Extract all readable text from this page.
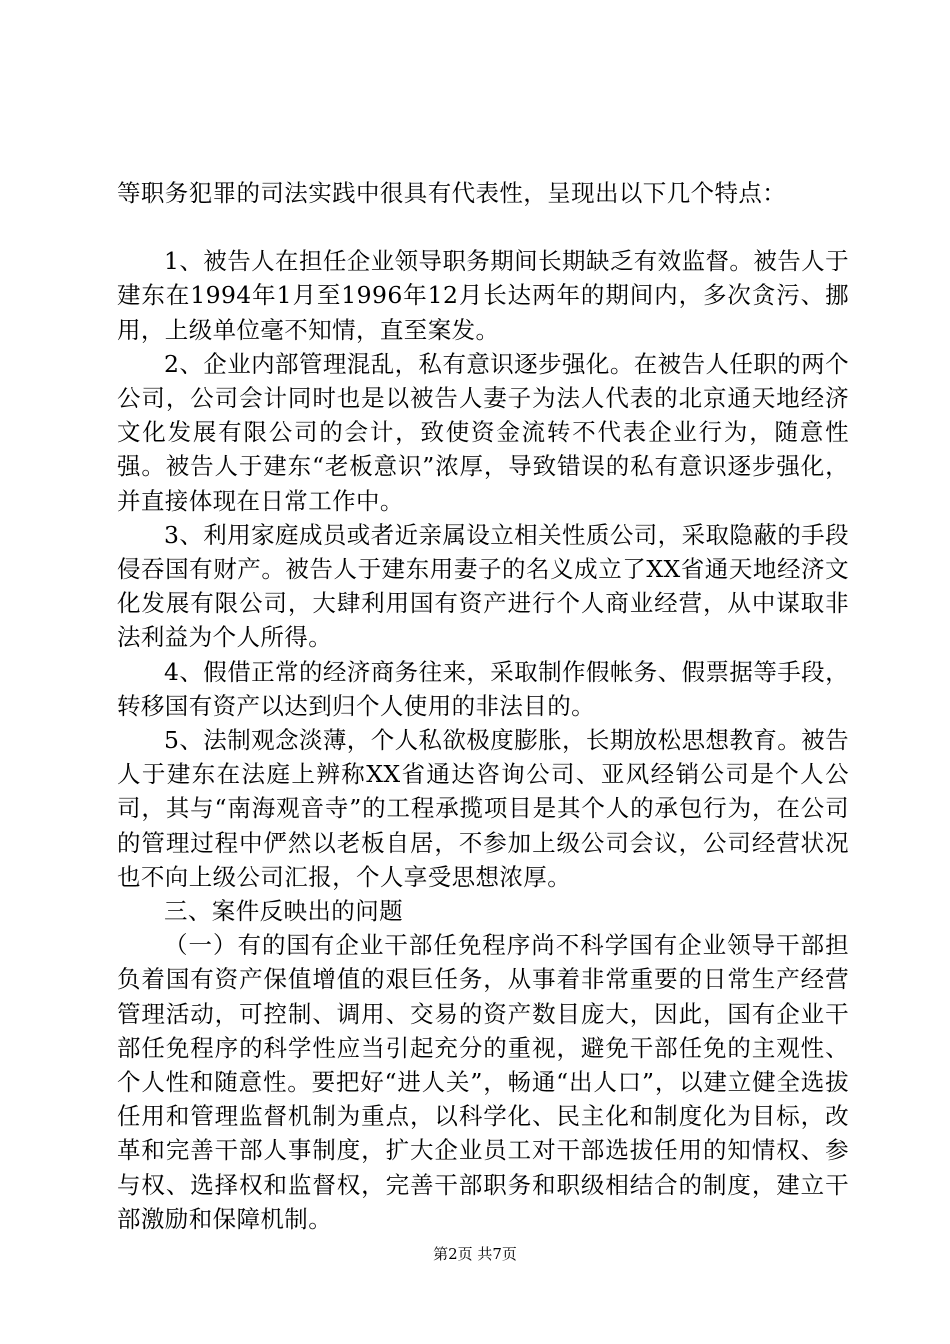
等职务犯罪的司法实践中很具有代表性，呈现出以下几个特点：

1、被告人在担任企业领导职务期间长期缺乏有效监督。被告人于建东在1994年1月至1996年12月长达两年的期间内，多次贪污、挪用，上级单位毫不知情，直至案发。

2、企业内部管理混乱，私有意识逐步强化。在被告人任职的两个公司，公司会计同时也是以被告人妻子为法人代表的北京通天地经济文化发展有限公司的会计，致使资金流转不代表企业行为，随意性强。被告人于建东“老板意识”浓厚，导致错误的私有意识逐步强化，并直接体现在日常工作中。

3、利用家庭成员或者近亲属设立相关性质公司，采取隐蔽的手段侵吞国有财产。被告人于建东用妻子的名义成立了XX省通天地经济文化发展有限公司，大肆利用国有资产进行个人商业经营，从中谋取非法利益为个人所得。

4、假借正常的经济商务往来，采取制作假帐务、假票据等手段，转移国有资产以达到归个人使用的非法目的。

5、法制观念淡薄，个人私欲极度膨胀，长期放松思想教育。被告人于建东在法庭上辨称XX省通达咨询公司、亚风经销公司是个人公司，其与“南海观音寺”的工程承揽项目是其个人的承包行为，在公司的管理过程中俨然以老板自居，不参加上级公司会议，公司经营状况也不向上级公司汇报，个人享受思想浓厚。

三、案件反映出的问题

（一）有的国有企业干部任免程序尚不科学国有企业领导干部担负着国有资产保值增值的艰巨任务，从事着非常重要的日常生产经营管理活动，可控制、调用、交易的资产数目庞大，因此，国有企业干部任免程序的科学性应当引起充分的重视，避免干部任免的主观性、个人性和随意性。要把好“进人关”，畅通“出人口”，以建立健全选拔任用和管理监督机制为重点，以科学化、民主化和制度化为目标，改革和完善干部人事制度，扩大企业员工对干部选拔任用的知情权、参与权、选择权和监督权，完善干部职务和职级相结合的制度，建立干部激励和保障机制。

第2页 共7页
